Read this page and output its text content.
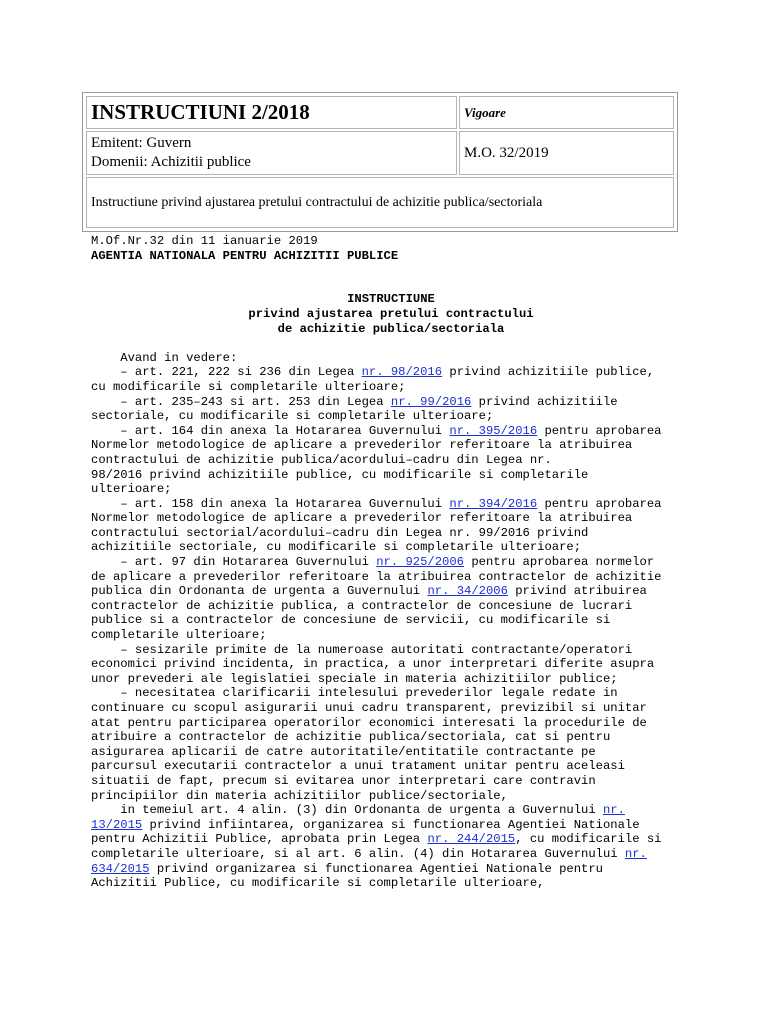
INSTRUCTIUNI 2/2018	Vigoare

Emitent: Guvern
Domenii: Achizitii publice	M.O. 32/2019
Instructiune privind ajustarea pretului contractului de achizitie publica/sectoriala	
M.Of.Nr.32 din 11 ianuarie 2019
AGENTIA NATIONALA PENTRU ACHIZITII PUBLICE
INSTRUCTIUNE
privind ajustarea pretului contractului
de achizitie publica/sectoriala
Avand in vedere:
– art. 221, 222 si 236 din Legea nr. 98/2016 privind achizitiile publice,
cu modificarile si completarile ulterioare;
– art. 235–243 si art. 253 din Legea nr. 99/2016 privind achizitiile
sectoriale, cu modificarile si completarile ulterioare;
– art. 164 din anexa la Hotararea Guvernului nr. 395/2016 pentru aprobarea
Normelor metodologice de aplicare a prevederilor referitoare la atribuirea
contractului de achizitie publica/acordului–cadru din Legea nr.
98/2016 privind achizitiile publice, cu modificarile si completarile
ulterioare;
– art. 158 din anexa la Hotararea Guvernului nr. 394/2016 pentru aprobarea
Normelor metodologice de aplicare a prevederilor referitoare la atribuirea
contractului sectorial/acordului–cadru din Legea nr. 99/2016 privind
achizitiile sectoriale, cu modificarile si completarile ulterioare;
– art. 97 din Hotararea Guvernului nr. 925/2006 pentru aprobarea normelor
de aplicare a prevederilor referitoare la atribuirea contractelor de achizitie
publica din Ordonanta de urgenta a Guvernului nr. 34/2006 privind atribuirea
contractelor de achizitie publica, a contractelor de concesiune de lucrari
publice si a contractelor de concesiune de servicii, cu modificarile si
completarile ulterioare;
– sesizarile primite de la numeroase autoritati contractante/operatori
economici privind incidenta, in practica, a unor interpretari diferite asupra
unor prevederi ale legislatiei speciale in materia achizitiilor publice;
– necesitatea clarificarii intelesului prevederilor legale redate in
continuare cu scopul asigurarii unui cadru transparent, previzibil si unitar
atat pentru participarea operatorilor economici interesati la procedurile de
atribuire a contractelor de achizitie publica/sectoriala, cat si pentru
asigurarea aplicarii de catre autoritatile/entitatile contractante pe
parcursul executarii contractelor a unui tratament unitar pentru aceleasi
situatii de fapt, precum si evitarea unor interpretari care contravin
principiilor din materia achizitiilor publice/sectoriale,
in temeiul art. 4 alin. (3) din Ordonanta de urgenta a Guvernului nr.
13/2015 privind infiintarea, organizarea si functionarea Agentiei Nationale
pentru Achizitii Publice, aprobata prin Legea nr. 244/2015, cu modificarile si
completarile ulterioare, si al art. 6 alin. (4) din Hotararea Guvernului nr.
634/2015 privind organizarea si functionarea Agentiei Nationale pentru
Achizitii Publice, cu modificarile si completarile ulterioare,
